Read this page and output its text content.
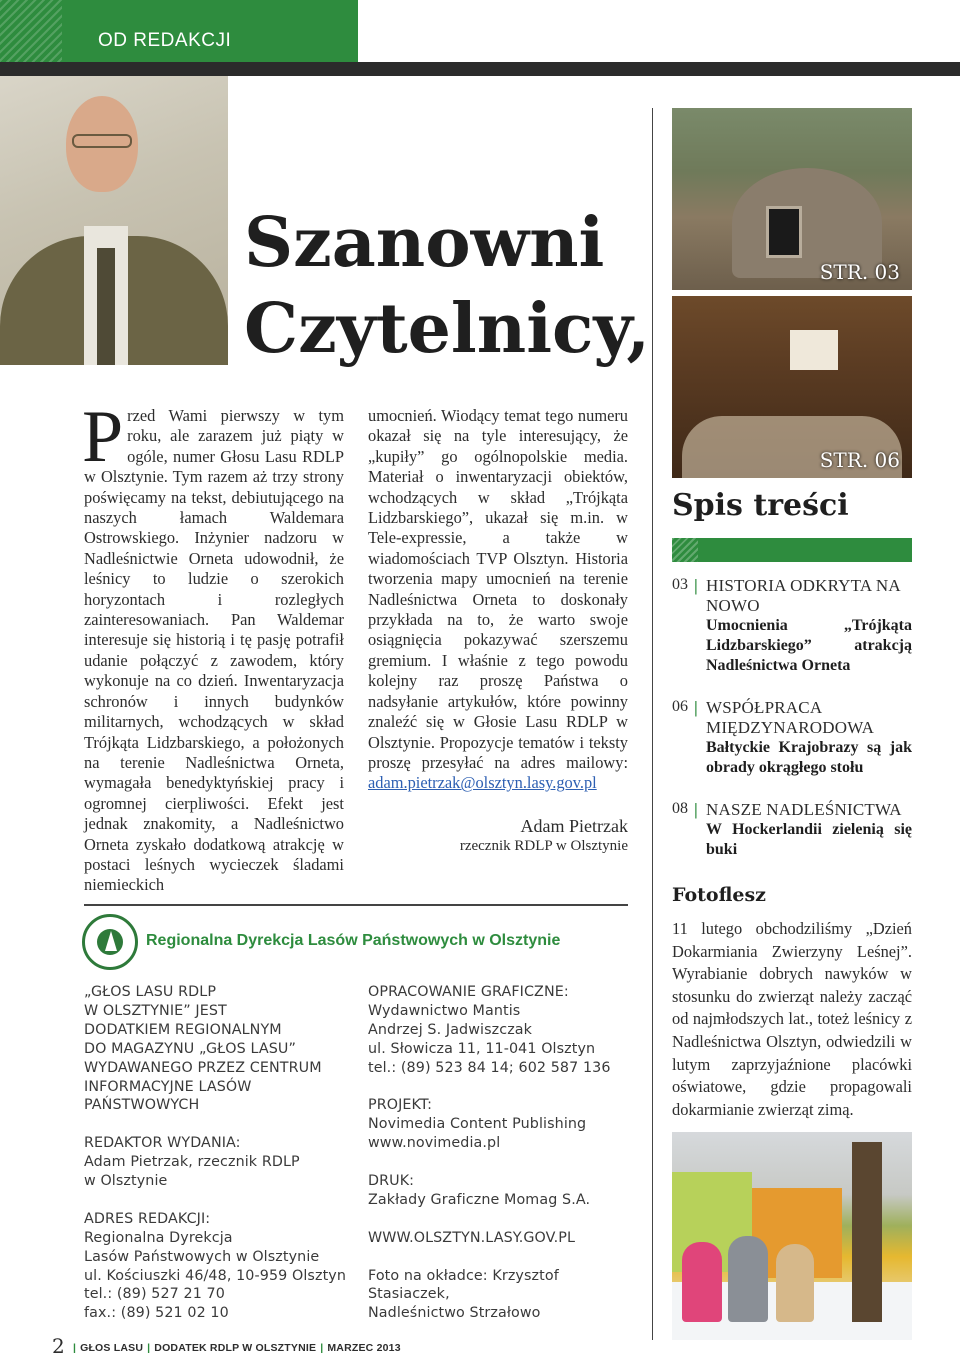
OD REDAKCJI
Szanowni
Czytelnicy,
Przed Wami pierwszy w tym roku, ale zarazem już piąty w ogóle, numer Głosu Lasu RDLP w Olsztynie. Tym razem aż trzy strony poświęcamy na tekst, debiutującego na naszych łamach Waldemara Ostrowskiego. Inżynier nadzoru w Nadleśnictwie Orneta udowodnił, że leśnicy to ludzie o szerokich horyzontach i rozległych zainteresowaniach. Pan Waldemar interesuje się historią i tę pasję potrafił udanie połączyć z zawodem, który wykonuje na co dzień. Inwentaryzacja schronów i innych budynków militarnych, wchodzących w skład Trójkąta Lidzbarskiego, a położonych na terenie Nadleśnictwa Orneta, wymagała benedyktyńskiej pracy i ogromnej cierpliwości. Efekt jest jednak znakomity, a Nadleśnictwo Orneta zyskało dodatkową atrakcję w postaci leśnych wycieczek śladami niemieckich
umocnień. Wiodący temat tego numeru okazał się na tyle interesujący, że „kupiły” go ogólnopolskie media. Materiał o inwentaryzacji obiektów, wchodzących w skład „Trójkąta Lidzbarskiego”, ukazał się m.in. w Tele-expressie, a także w wiadomościach TVP Olsztyn. Historia tworzenia mapy umocnień na terenie Nadleśnictwa Orneta to doskonały przykłada na to, że warto swoje osiągnięcia pokazywać szerszemu gremium. I właśnie z tego powodu kolejny raz proszę Państwa o nadsyłanie artykułów, które powinny znaleźć się w Głosie Lasu RDLP w Olsztynie. Propozycje tematów i teksty proszę przesyłać na adres mailowy: adam.pietrzak@olsztyn.lasy.gov.pl
Adam Pietrzak
rzecznik RDLP w Olsztynie
STR. 03
STR. 06
Spis treści
03 | HISTORIA ODKRYTA NA NOWO
Umocnienia „Trójkąta Lidzbarskiego” atrakcją Nadleśnictwa Orneta
06 | WSPÓŁPRACA MIĘDZYNARODOWA
Bałtyckie Krajobrazy są jak obrady okrągłego stołu
08 | NASZE NADLEŚNICTWA
W Hockerlandii zielenią się buki
Fotoflesz
11 lutego obchodziliśmy „Dzień Dokarmiania Zwierzyny Leśnej”. Wyrabianie dobrych nawyków w stosunku do zwierząt należy zacząć od najmłodszych lat., toteż leśnicy z Nadleśnictwa Olsztyn, odwiedzili w lutym zaprzyjaźnione placówki oświatowe, gdzie propagowali dokarmianie zwierząt zimą.
Regionalna Dyrekcja Lasów Państwowych w Olsztynie
„GŁOS LASU RDLP
W OLSZTYNIE” JEST
DODATKIEM REGIONALNYM
DO MAGAZYNU „GŁOS LASU”
WYDAWANEGO PRZEZ CENTRUM
INFORMACYJNE LASÓW
PAŃSTWOWYCH
REDAKTOR WYDANIA:
Adam Pietrzak, rzecznik RDLP
w Olsztynie
ADRES REDAKCJI:
Regionalna Dyrekcja
Lasów Państwowych w Olsztynie
ul. Kościuszki 46/48, 10-959 Olsztyn
tel.: (89) 527 21 70
fax.: (89) 521 02 10
OPRACOWANIE GRAFICZNE:
Wydawnictwo Mantis
Andrzej S. Jadwiszczak
ul. Słowicza 11, 11-041 Olsztyn
tel.: (89) 523 84 14; 602 587 136
PROJEKT:
Novimedia Content Publishing
www.novimedia.pl
DRUK:
Zakłady Graficzne Momag S.A.
WWW.OLSZTYN.LASY.GOV.PL
Foto na okładce: Krzysztof Stasiaczek,
Nadleśnictwo Strzałowo
2 | GŁOS LASU | DODATEK RDLP W OLSZTYNIE | MARZEC 2013
